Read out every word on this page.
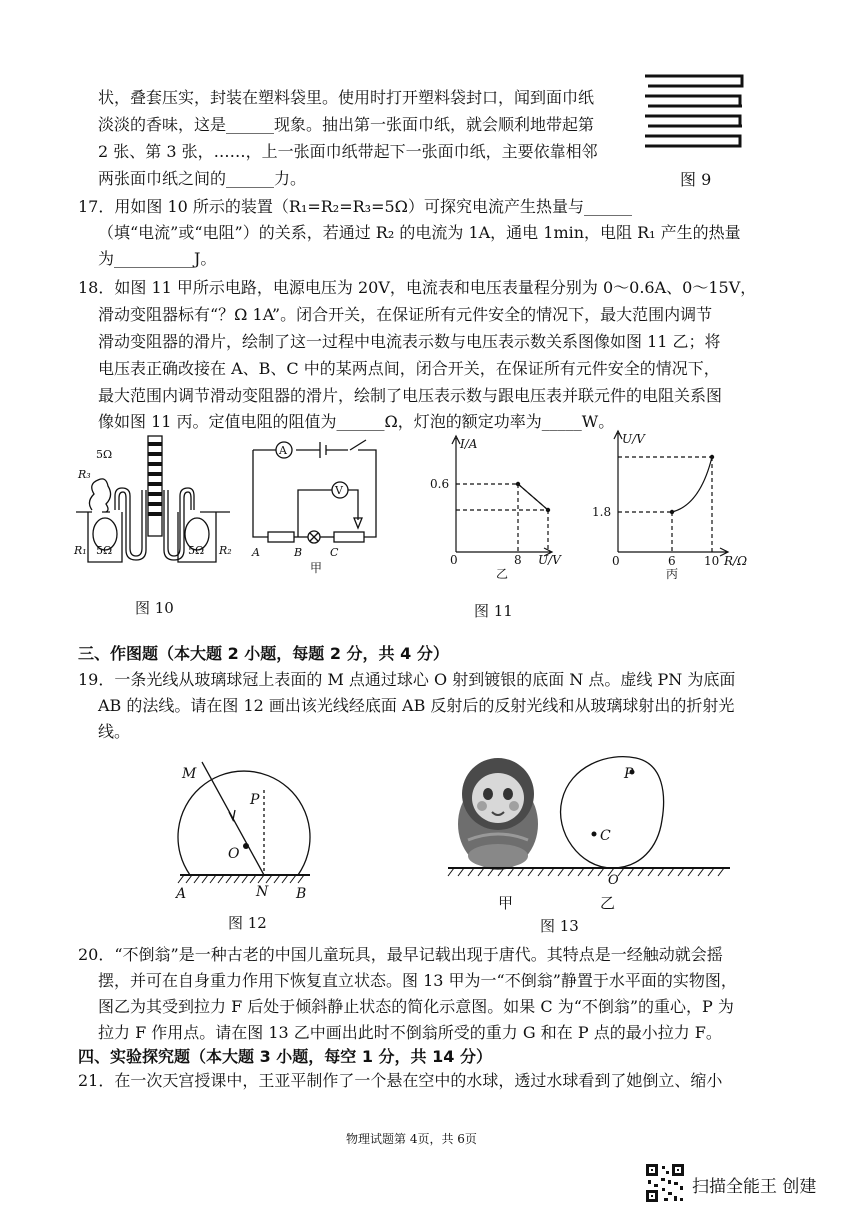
状，叠套压实，封装在塑料袋里。使用时打开塑料袋封口，闻到面巾纸
淡淡的香味，这是______现象。抽出第一张面巾纸，就会顺利地带起第
2 张、第 3 张，……，上一张面巾纸带起下一张面巾纸，主要依靠相邻
两张面巾纸之间的______力。	图 9
17．用如图 10 所示的装置（R₁=R₂=R₃=5Ω）可探究电流产生热量与______
（填“电流”或“电阻”）的关系，若通过 R₂ 的电流为 1A，通电 1min，电阻 R₁ 产生的热量
为__________J。
18．如图 11 甲所示电路，电源电压为 20V，电流表和电压表量程分别为 0～0.6A、0～15V，
滑动变阻器标有“？Ω 1A”。闭合开关，在保证所有元件安全的情况下，最大范围内调节
滑动变阻器的滑片，绘制了这一过程中电流表示数与电压表示数关系图像如图 11 乙；将
电压表正确改接在 A、B、C 中的某两点间，闭合开关，在保证所有元件安全的情况下，
最大范围内调节滑动变阻器的滑片，绘制了电压表示数与跟电压表并联元件的电阻关系图
像如图 11 丙。定值电阻的阻值为______Ω，灯泡的额定功率为_____W。
5Ω
R₃
5Ω	5Ω
R₁	R₂
图 10
A
V
A	B	C
甲
I/A
U/V
0
0.6
8
乙
U/V
R/Ω
0
1.8
6 10
丙
图 11
三、作图题（本大题 2 小题，每题 2 分，共 4 分）
19．一条光线从玻璃球冠上表面的 M 点通过球心 O 射到镀银的底面 N 点。虚线 PN 为底面
AB 的法线。请在图 12 画出该光线经底面 AB 反射后的反射光线和从玻璃球射出的折射光
线。
M
P
O
A	N B
图 12
P
C
O
甲	乙
图 13
20．“不倒翁”是一种古老的中国儿童玩具，最早记载出现于唐代。其特点是一经触动就会摇
摆，并可在自身重力作用下恢复直立状态。图 13 甲为一“不倒翁”静置于水平面的实物图，
图乙为其受到拉力 F 后处于倾斜静止状态的简化示意图。如果 C 为“不倒翁”的重心，P 为
拉力 F 作用点。请在图 13 乙中画出此时不倒翁所受的重力 G 和在 P 点的最小拉力 F。
四、实验探究题（本大题 3 小题，每空 1 分，共 14 分）
21．在一次天宫授课中，王亚平制作了一个悬在空中的水球，透过水球看到了她倒立、缩小
物理试题第 4页，共 6页
扫描全能王 创建
